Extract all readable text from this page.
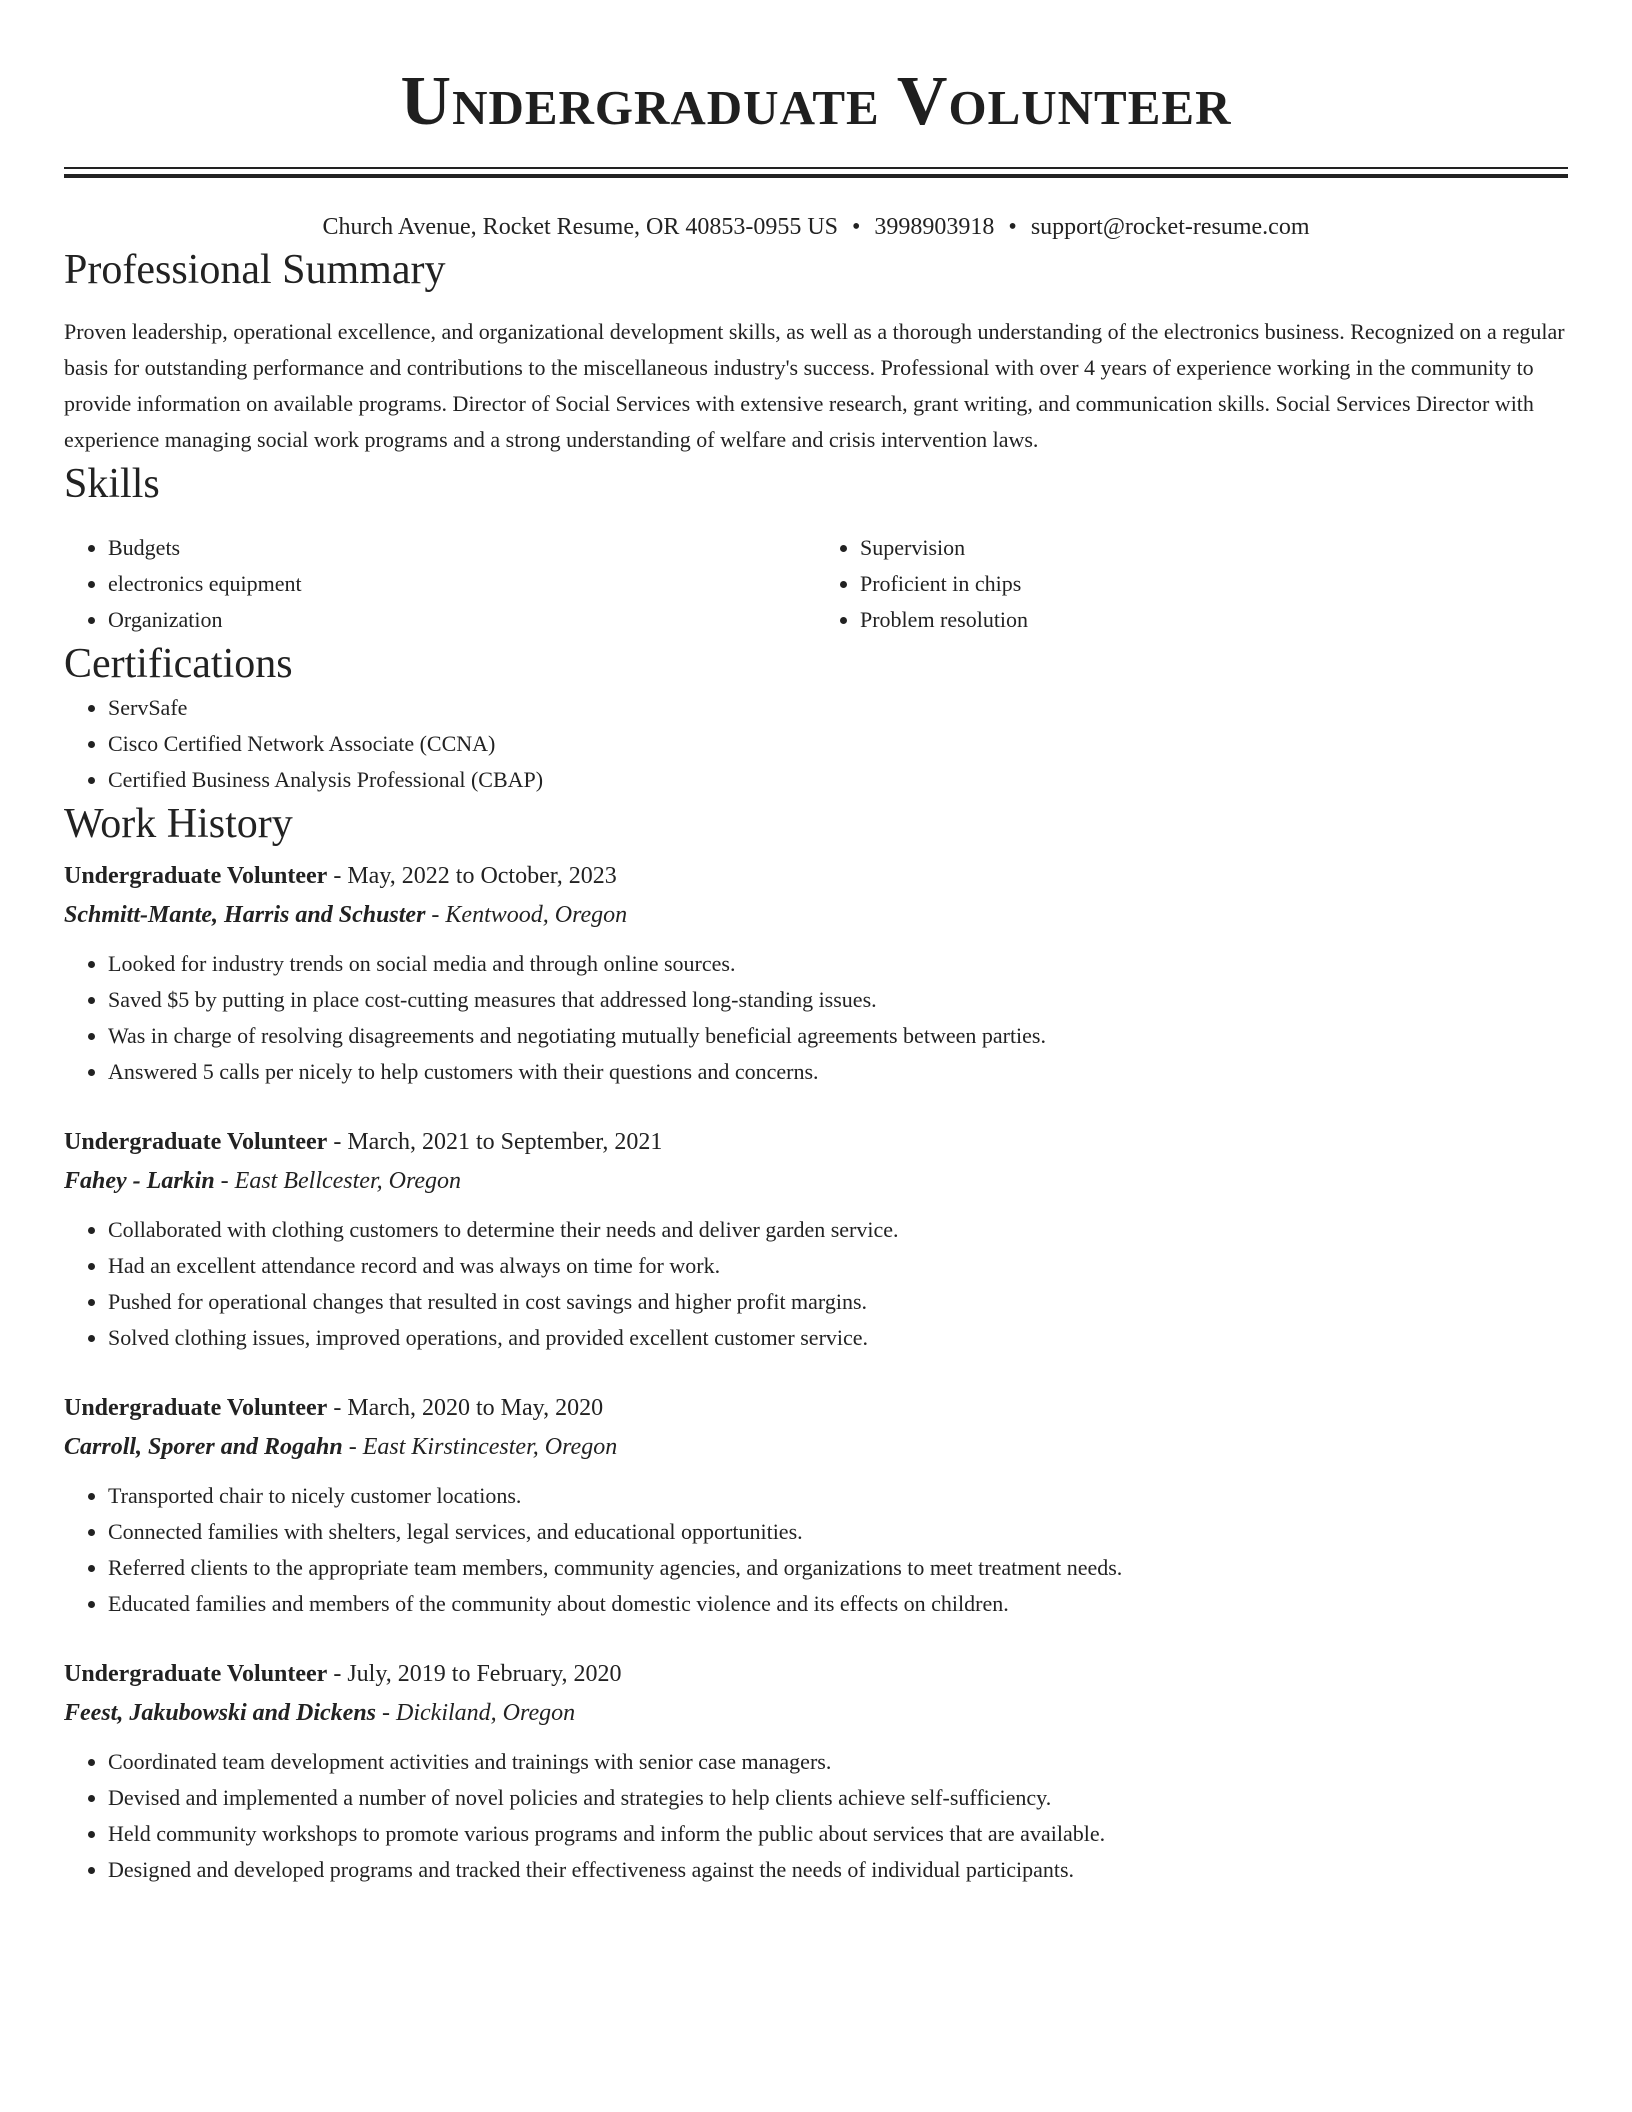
Undergraduate Volunteer
Church Avenue, Rocket Resume, OR 40853-0955 US • 3998903918 • support@rocket-resume.com
Professional Summary

Proven leadership, operational excellence, and organizational development skills, as well as a thorough understanding of the electronics business. Recognized on a regular basis for outstanding performance and contributions to the miscellaneous industry's success. Professional with over 4 years of experience working in the community to provide information on available programs. Director of Social Services with extensive research, grant writing, and communication skills. Social Services Director with experience managing social work programs and a strong understanding of welfare and crisis intervention laws.

Skills
• Budgets
• electronics equipment
• Organization
• Supervision
• Proficient in chips
• Problem resolution
Certifications
• ServSafe
• Cisco Certified Network Associate (CCNA)
• Certified Business Analysis Professional (CBAP)
Work History
Undergraduate Volunteer - May, 2022 to October, 2023
Schmitt-Mante, Harris and Schuster - Kentwood, Oregon
• Looked for industry trends on social media and through online sources.
• Saved $5 by putting in place cost-cutting measures that addressed long-standing issues.
• Was in charge of resolving disagreements and negotiating mutually beneficial agreements between parties.
• Answered 5 calls per nicely to help customers with their questions and concerns.
Undergraduate Volunteer - March, 2021 to September, 2021
Fahey - Larkin - East Bellcester, Oregon
• Collaborated with clothing customers to determine their needs and deliver garden service.
• Had an excellent attendance record and was always on time for work.
• Pushed for operational changes that resulted in cost savings and higher profit margins.
• Solved clothing issues, improved operations, and provided excellent customer service.
Undergraduate Volunteer - March, 2020 to May, 2020
Carroll, Sporer and Rogahn - East Kirstincester, Oregon
• Transported chair to nicely customer locations.
• Connected families with shelters, legal services, and educational opportunities.
• Referred clients to the appropriate team members, community agencies, and organizations to meet treatment needs.
• Educated families and members of the community about domestic violence and its effects on children.
Undergraduate Volunteer - July, 2019 to February, 2020
Feest, Jakubowski and Dickens - Dickiland, Oregon
• Coordinated team development activities and trainings with senior case managers.
• Devised and implemented a number of novel policies and strategies to help clients achieve self-sufficiency.
• Held community workshops to promote various programs and inform the public about services that are available.
• Designed and developed programs and tracked their effectiveness against the needs of individual participants.
